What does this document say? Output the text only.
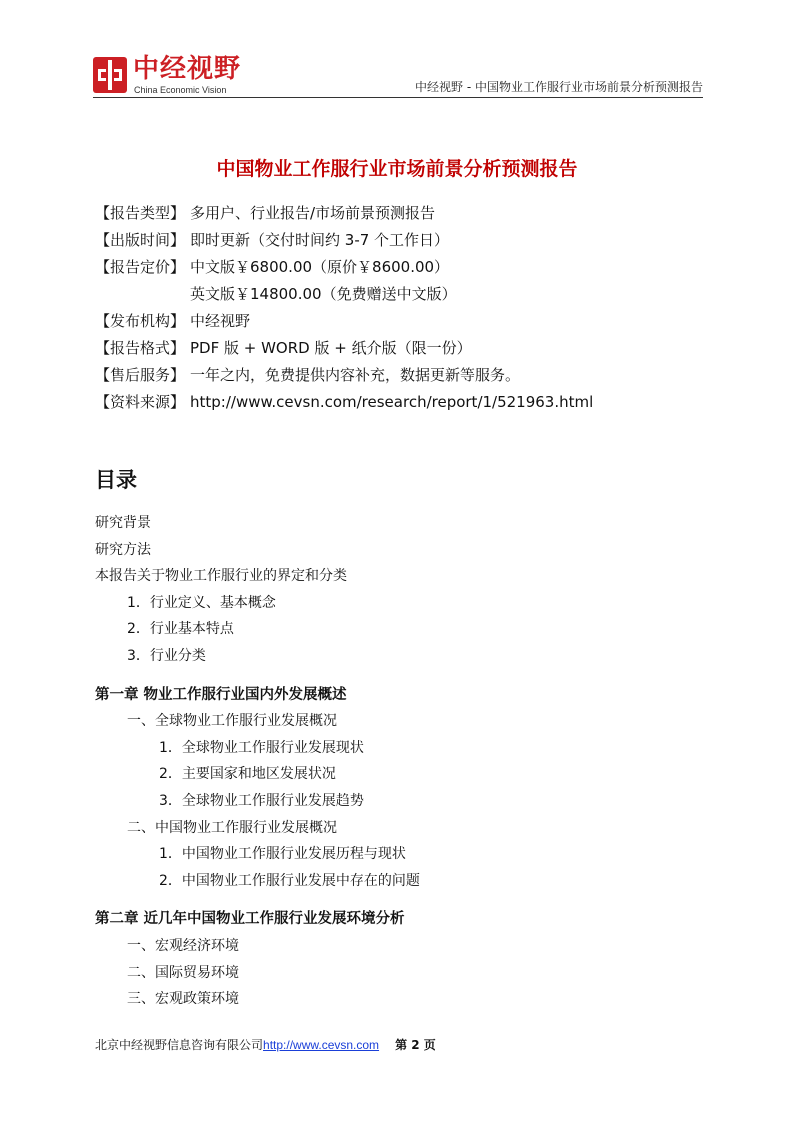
中经视野
China Economic Vision	中经视野 - 中国物业工作服行业市场前景分析预测报告
中国物业工作服行业市场前景分析预测报告
【报告类型】 多用户、行业报告/市场前景预测报告
【出版时间】 即时更新（交付时间约 3-7 个工作日）
【报告定价】 中文版￥6800.00（原价￥8600.00）
英文版￥14800.00（免费赠送中文版）
【发布机构】 中经视野
【报告格式】 PDF 版 + WORD 版 + 纸介版（限一份）
【售后服务】 一年之内，免费提供内容补充，数据更新等服务。
【资料来源】 http://www.cevsn.com/research/report/1/521963.html
目录
研究背景
研究方法
本报告关于物业工作服行业的界定和分类
1．行业定义、基本概念
2．行业基本特点
3．行业分类
第一章 物业工作服行业国内外发展概述
一、全球物业工作服行业发展概况
1．全球物业工作服行业发展现状
2．主要国家和地区发展状况
3．全球物业工作服行业发展趋势
二、中国物业工作服行业发展概况
1．中国物业工作服行业发展历程与现状
2．中国物业工作服行业发展中存在的问题
第二章 近几年中国物业工作服行业发展环境分析
一、宏观经济环境
二、国际贸易环境
三、宏观政策环境
北京中经视野信息咨询有限公司http://www.cevsn.com 第 2 页
